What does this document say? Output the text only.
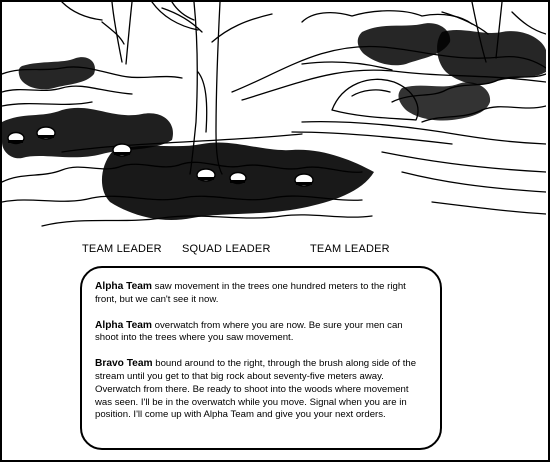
TEAM LEADER SQUAD LEADER	TEAM LEADER

Alpha Team saw movement in the trees one hundred meters to the right front, but we can't see it now.

Alpha Team overwatch from where you are now. Be sure your men can shoot into the trees where you saw movement.

Bravo Team bound around to the right, through the brush along side of the stream until you get to that big rock about seventy-five meters away. Overwatch from there. Be ready to shoot into the woods where movement was seen. I'll be in the overwatch while you move. Signal when you are in position. I'll come up with Alpha Team and give you your next orders.
